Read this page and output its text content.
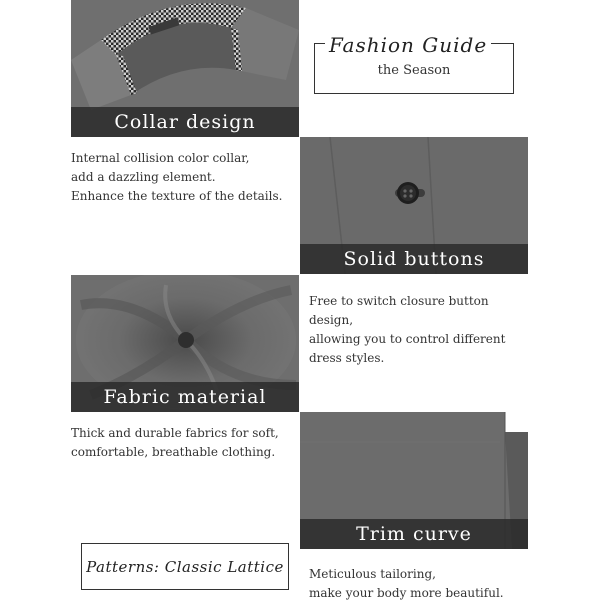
Fashion Guide
the Season
Collar design
Internal collision color collar,
add a dazzling element.
Enhance the texture of the details.
Solid buttons
Free to switch closure button
design,
allowing you to control different
dress styles.
Fabric material
Thick and durable fabrics for soft,
comfortable, breathable clothing.
Trim curve
Meticulous tailoring,
make your body more beautiful.
Patterns: Classic Lattice
